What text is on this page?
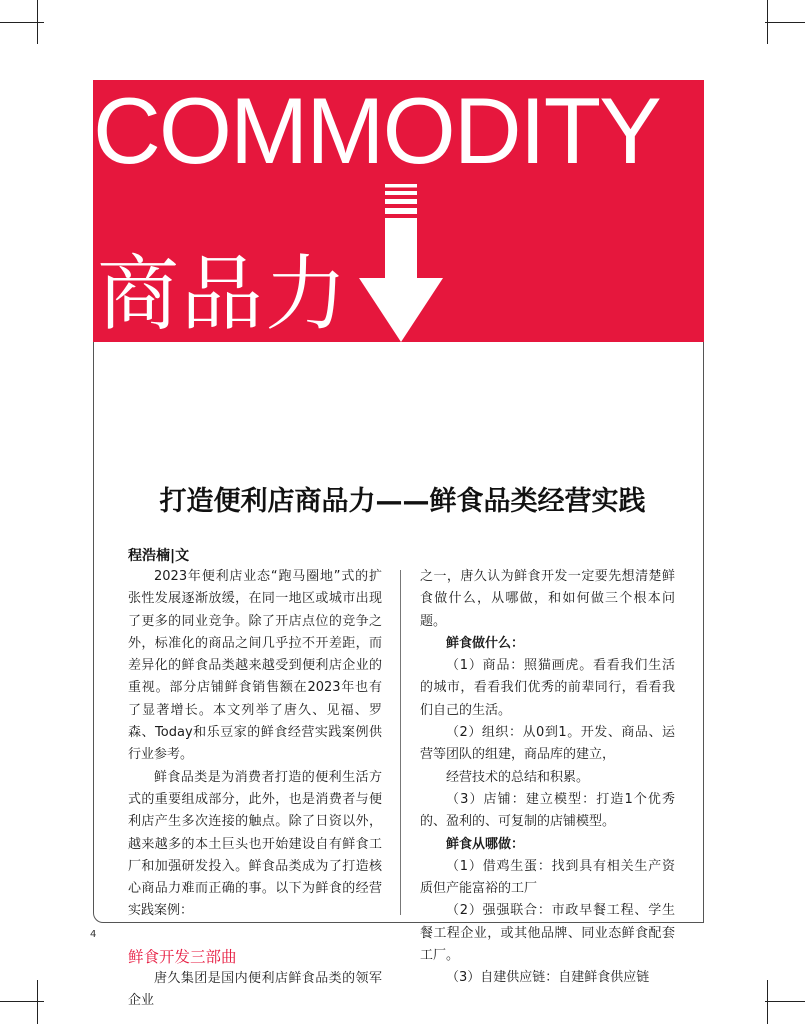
COMMODITY
商品力
打造便利店商品力——鲜食品类经营实践

程浩楠|文

2023年便利店业态“跑马圈地”式的扩张性发展逐渐放缓，在同一地区或城市出现了更多的同业竞争。除了开店点位的竞争之外，标准化的商品之间几乎拉不开差距，而差异化的鲜食品类越来越受到便利店企业的重视。部分店铺鲜食销售额在2023年也有了显著增长。本文列举了唐久、见福、罗森、Today和乐豆家的鲜食经营实践案例供行业参考。

鲜食品类是为消费者打造的便利生活方式的重要组成部分，此外，也是消费者与便利店产生多次连接的触点。除了日资以外，越来越多的本土巨头也开始建设自有鲜食工厂和加强研发投入。鲜食品类成为了打造核心商品力难而正确的事。以下为鲜食的经营实践案例：

鲜食开发三部曲

唐久集团是国内便利店鲜食品类的领军企业

之一，唐久认为鲜食开发一定要先想清楚鲜食做什么，从哪做，和如何做三个根本问题。

鲜食做什么：

（1）商品：照猫画虎。看看我们生活的城市，看看我们优秀的前辈同行，看看我们自己的生活。

（2）组织：从0到1。开发、商品、运营等团队的组建，商品库的建立，

经营技术的总结和积累。

（3）店铺：建立模型：打造1个优秀的、盈利的、可复制的店铺模型。

鲜食从哪做：

（1）借鸡生蛋：找到具有相关生产资质但产能富裕的工厂

（2）强强联合：市政早餐工程、学生餐工程企业，或其他品牌、同业态鲜食配套工厂。

（3）自建供应链：自建鲜食供应链

4
